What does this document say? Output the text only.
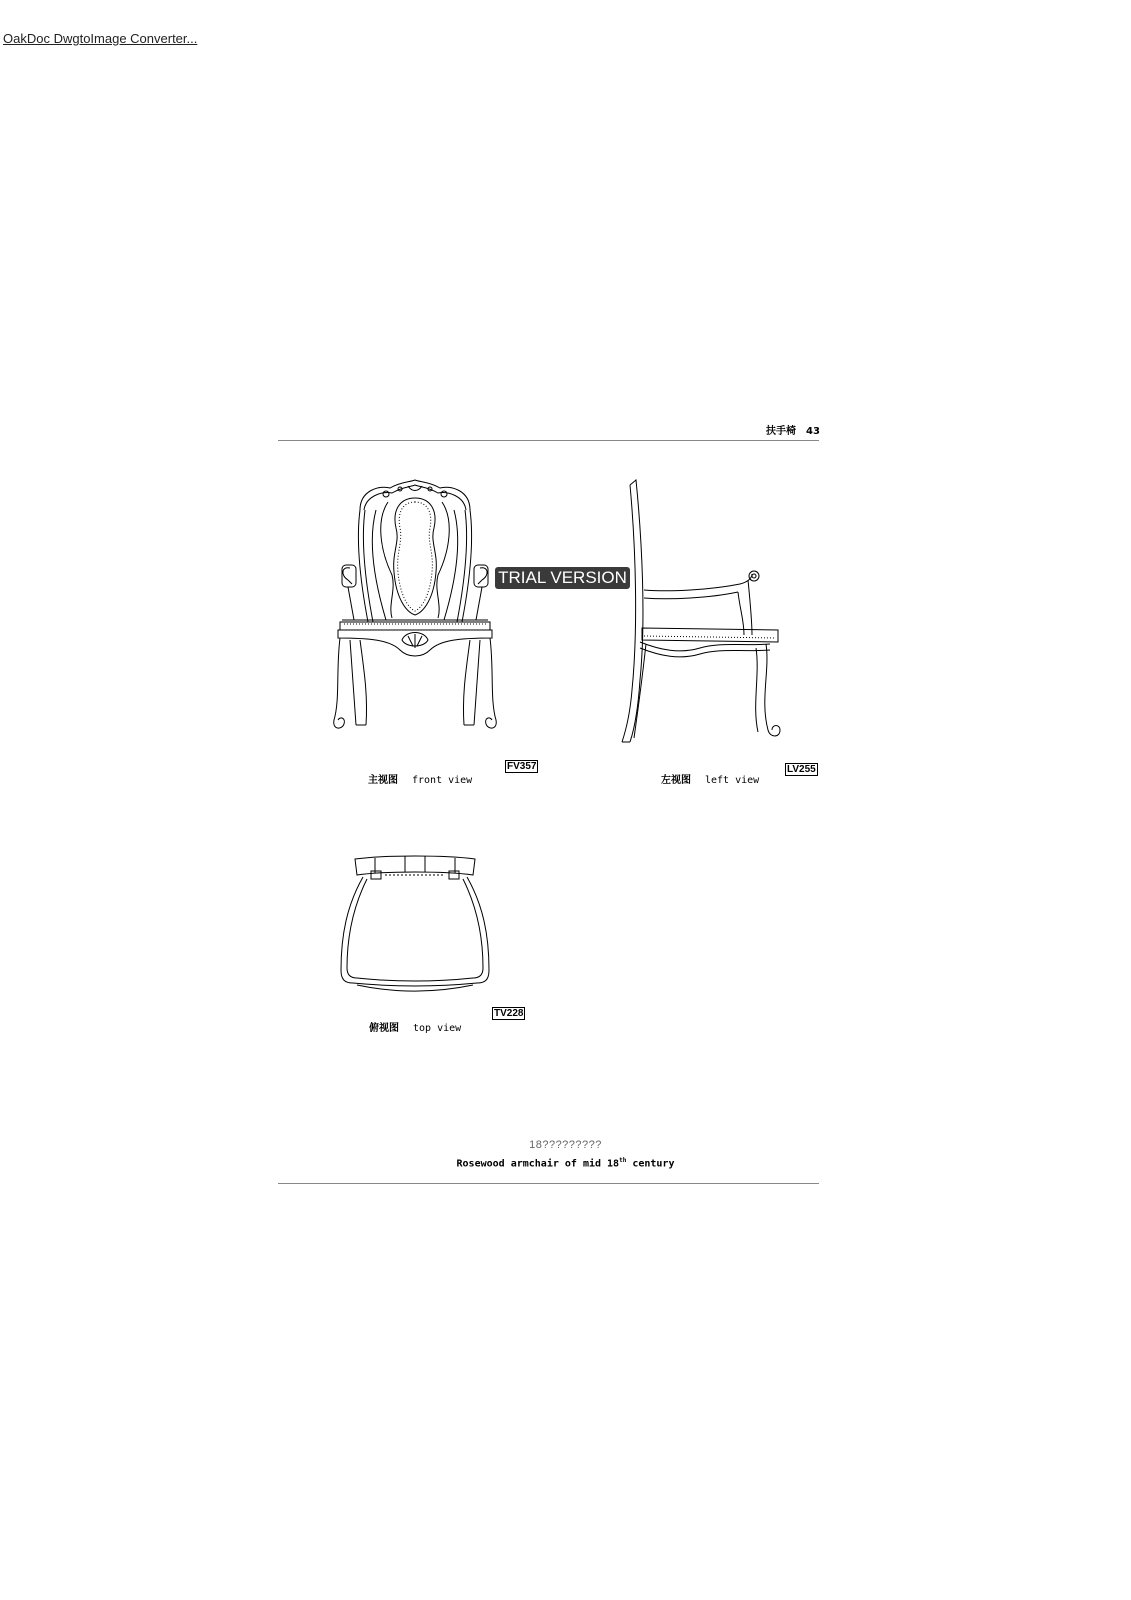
OakDoc DwgtoImage Converter...
扶手椅 43
主视图 front view
FV357
TRIAL VERSION
左视图 left view
LV255
俯视图 top view
TV228
18?????????
Rosewood armchair of mid 18th century
